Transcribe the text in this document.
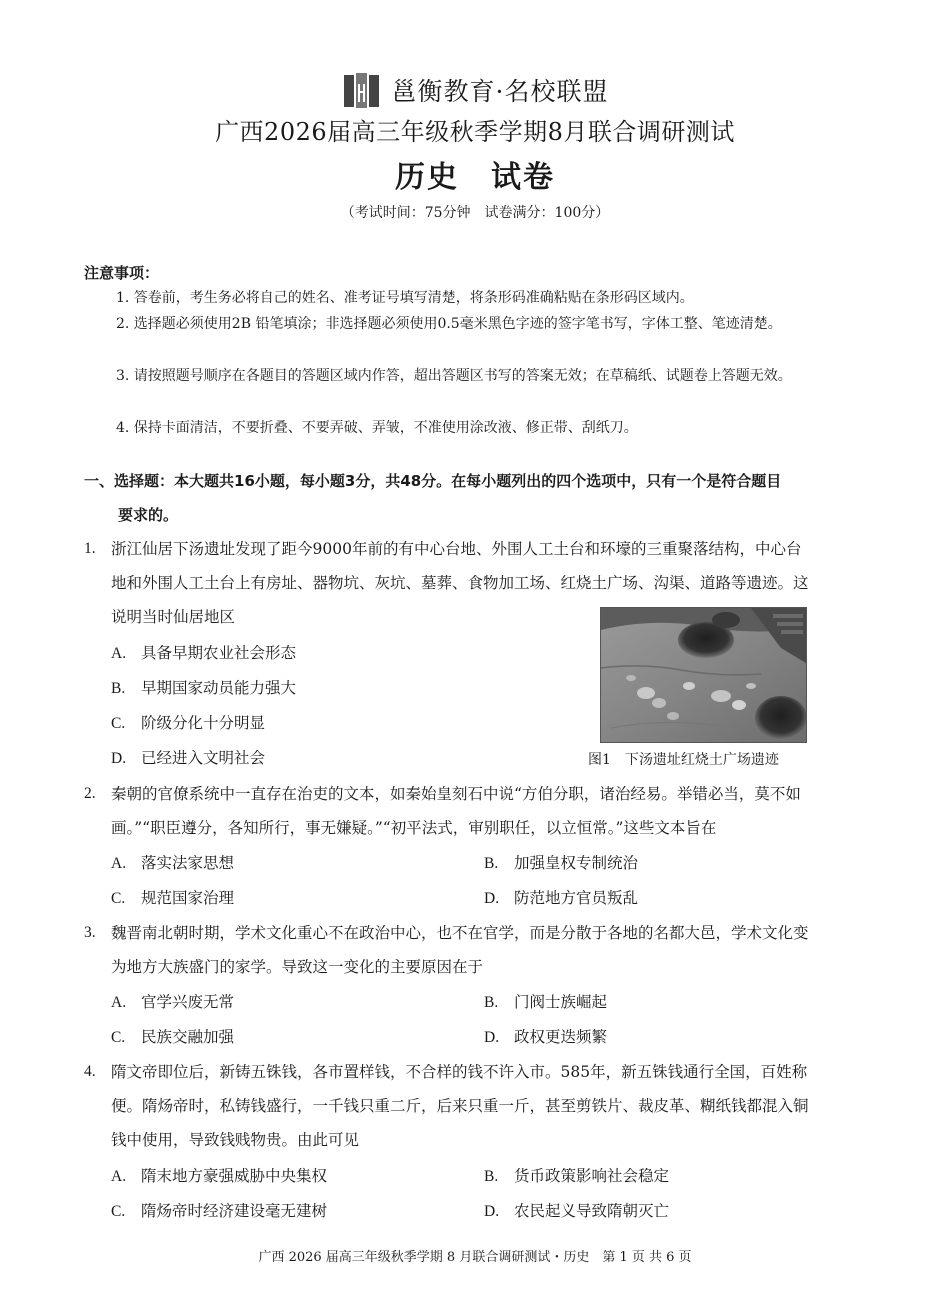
邕衡教育·名校联盟
广西2026届高三年级秋季学期8月联合调研测试
历史　试卷
（考试时间：75分钟　试卷满分：100分）
注意事项：
1. 答卷前，考生务必将自己的姓名、准考证号填写清楚，将条形码准确粘贴在条形码区域内。
2. 选择题必须使用2B 铅笔填涂；非选择题必须使用0.5毫米黑色字迹的签字笔书写，字体工整、笔迹清楚。
3. 请按照题号顺序在各题目的答题区域内作答，超出答题区书写的答案无效；在草稿纸、试题卷上答题无效。
4. 保持卡面清洁，不要折叠、不要弄破、弄皱，不准使用涂改液、修正带、刮纸刀。
一、选择题：本大题共16小题，每小题3分，共48分。在每小题列出的四个选项中，只有一个是符合题目
要求的。
1. 浙江仙居下汤遗址发现了距今9000年前的有中心台地、外围人工土台和环壕的三重聚落结构，中心台
地和外围人工土台上有房址、器物坑、灰坑、墓葬、食物加工场、红烧土广场、沟渠、道路等遗迹。这
说明当时仙居地区
A. 具备早期农业社会形态
B. 早期国家动员能力强大
C. 阶级分化十分明显
D. 已经进入文明社会	图1　下汤遗址红烧土广场遗迹
2. 秦朝的官僚系统中一直存在治吏的文本，如秦始皇刻石中说“方伯分职，诸治经易。举错必当，莫不如
画。”“职臣遵分，各知所行，事无嫌疑。”“初平法式，审别职任，以立恒常。”这些文本旨在
A. 落实法家思想	B. 加强皇权专制统治
C. 规范国家治理	D. 防范地方官员叛乱
3. 魏晋南北朝时期，学术文化重心不在政治中心，也不在官学，而是分散于各地的名都大邑，学术文化变
为地方大族盛门的家学。导致这一变化的主要原因在于
A. 官学兴废无常	B. 门阀士族崛起
C. 民族交融加强	D. 政权更迭频繁
4. 隋文帝即位后，新铸五铢钱，各市置样钱，不合样的钱不许入市。585年，新五铢钱通行全国，百姓称
便。隋炀帝时，私铸钱盛行，一千钱只重二斤，后来只重一斤，甚至剪铁片、裁皮革、糊纸钱都混入铜
钱中使用，导致钱贱物贵。由此可见
A. 隋末地方豪强威胁中央集权	B. 货币政策影响社会稳定
C. 隋炀帝时经济建设毫无建树	D. 农民起义导致隋朝灭亡
广西 2026 届高三年级秋季学期 8 月联合调研测试・历史　第 1 页 共 6 页
